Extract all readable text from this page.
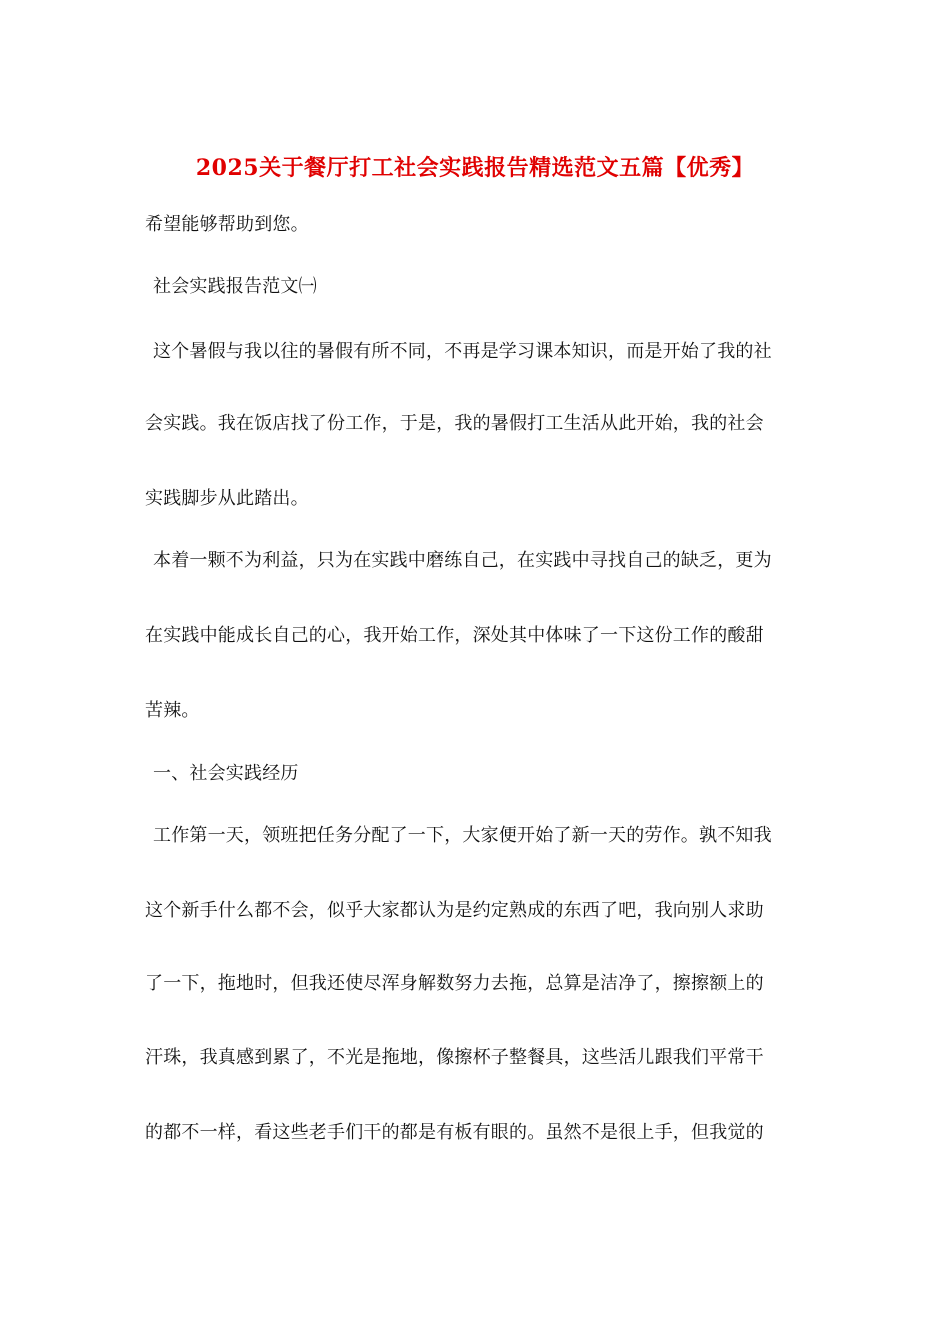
2025关于餐厅打工社会实践报告精选范文五篇【优秀】
希望能够帮助到您。
社会实践报告范文㈠
这个暑假与我以往的暑假有所不同，不再是学习课本知识，而是开始了我的社
会实践。我在饭店找了份工作，于是，我的暑假打工生活从此开始，我的社会
实践脚步从此踏出。
本着一颗不为利益，只为在实践中磨练自己，在实践中寻找自己的缺乏，更为
在实践中能成长自己的心，我开始工作，深处其中体味了一下这份工作的酸甜
苦辣。
一、社会实践经历
工作第一天，领班把任务分配了一下，大家便开始了新一天的劳作。孰不知我
这个新手什么都不会，似乎大家都认为是约定熟成的东西了吧，我向别人求助
了一下，拖地时，但我还使尽浑身解数努力去拖，总算是洁净了，擦擦额上的
汗珠，我真感到累了，不光是拖地，像擦杯子整餐具，这些活儿跟我们平常干
的都不一样，看这些老手们干的都是有板有眼的。虽然不是很上手，但我觉的
